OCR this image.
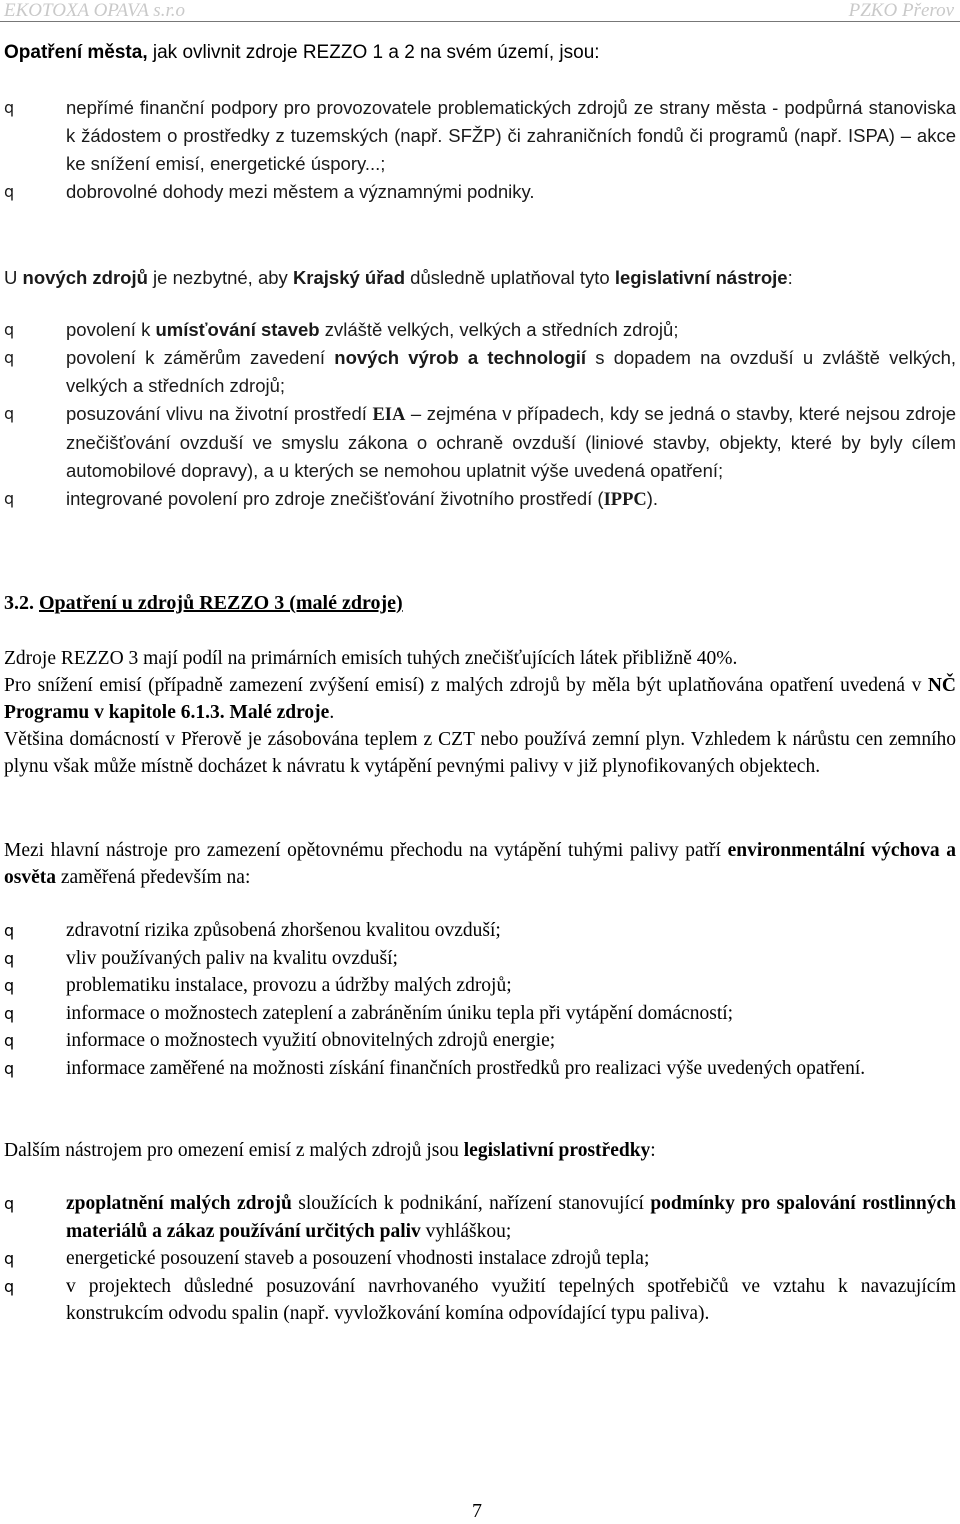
EKOTOXA OPAVA s.r.o	PZKO Přerov
Opatření města, jak ovlivnit zdroje REZZO 1 a 2 na svém území, jsou:
q	nepřímé finanční podpory pro provozovatele problematických zdrojů ze strany města - podpůrná stanoviska k žádostem o prostředky z tuzemských (např. SFŽP) či zahraničních fondů či programů (např. ISPA) – akce ke snížení emisí, energetické úspory...;
q	dobrovolné dohody mezi městem a významnými podniky.
U nových zdrojů je nezbytné, aby Krajský úřad důsledně uplatňoval tyto legislativní nástroje:
q	povolení k umísťování staveb zvláště velkých, velkých a středních zdrojů;
q	povolení k záměrům zavedení nových výrob a technologií s dopadem na ovzduší u zvláště velkých, velkých a středních zdrojů;
q	posuzování vlivu na životní prostředí EIA – zejména v případech, kdy se jedná o stavby, které nejsou zdroje znečišťování ovzduší ve smyslu zákona o ochraně ovzduší (liniové stavby, objekty, které by byly cílem automobilové dopravy), a u kterých se nemohou uplatnit výše uvedená opatření;
q	integrované povolení pro zdroje znečišťování životního prostředí (IPPC).
3.2. Opatření u zdrojů REZZO 3 (malé zdroje)

Zdroje REZZO 3 mají podíl na primárních emisích tuhých znečišťujících látek přibližně 40%.

Pro snížení emisí (případně zamezení zvýšení emisí) z malých zdrojů by měla být uplatňována opatření uvedená v NČ Programu v kapitole 6.1.3. Malé zdroje.

Většina domácností v Přerově je zásobována teplem z CZT nebo používá zemní plyn. Vzhledem k nárůstu cen zemního plynu však může místně docházet k návratu k vytápění pevnými palivy v již plynofikovaných objektech.

Mezi hlavní nástroje pro zamezení opětovnému přechodu na vytápění tuhými palivy patří environmentální výchova a osvěta zaměřená především na:

q	zdravotní rizika způsobená zhoršenou kvalitou ovzduší;
q	vliv používaných paliv na kvalitu ovzduší;
q	problematiku instalace, provozu a údržby malých zdrojů;
q	informace o možnostech zateplení a zabráněním úniku tepla při vytápění domácností;
q	informace o možnostech využití obnovitelných zdrojů energie;
q	informace zaměřené na možnosti získání finančních prostředků pro realizaci výše uvedených opatření.

Dalším nástrojem pro omezení emisí z malých zdrojů jsou legislativní prostředky:

q	zpoplatnění malých zdrojů sloužících k podnikání, nařízení stanovující podmínky pro spalování rostlinných materiálů a zákaz používání určitých paliv vyhláškou;
q	energetické posouzení staveb a posouzení vhodnosti instalace zdrojů tepla;
q	v projektech důsledné posuzování navrhovaného využití tepelných spotřebičů ve vztahu k navazujícím konstrukcím odvodu spalin (např. vyvložkování komína odpovídající typu paliva).
7
